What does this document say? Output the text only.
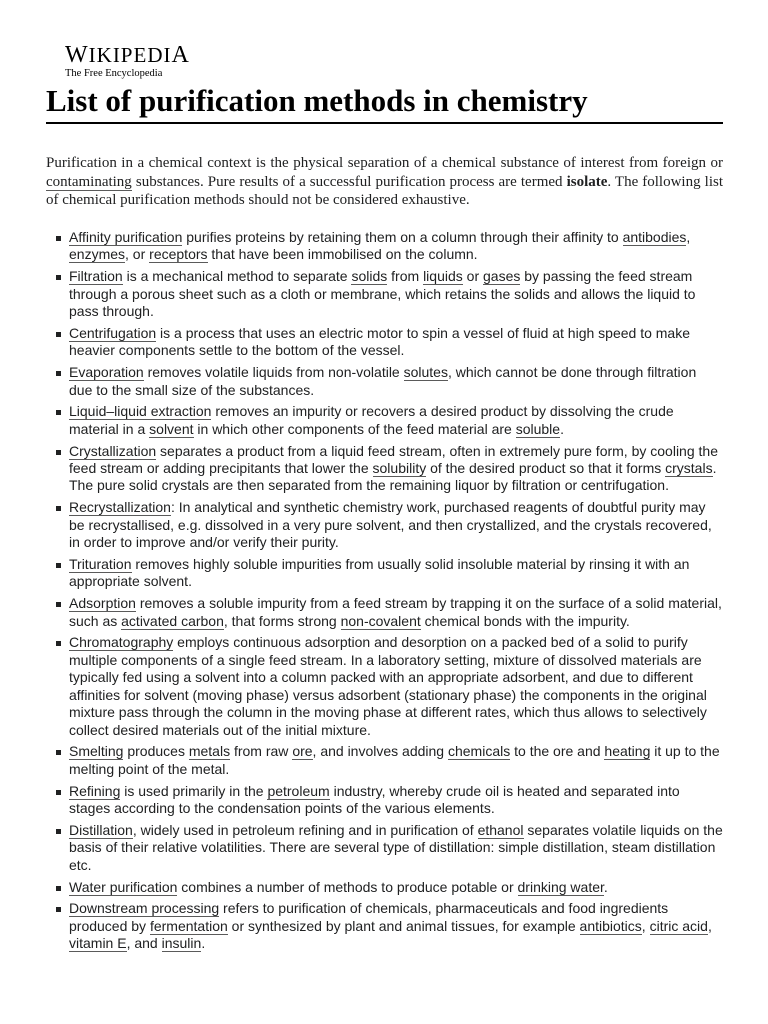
WIKIPEDIA
The Free Encyclopedia
List of purification methods in chemistry

Purification in a chemical context is the physical separation of a chemical substance of interest from foreign or contaminating substances. Pure results of a successful purification process are termed isolate. The following list of chemical purification methods should not be considered exhaustive.

Affinity purification purifies proteins by retaining them on a column through their affinity to antibodies, enzymes, or receptors that have been immobilised on the column.
Filtration is a mechanical method to separate solids from liquids or gases by passing the feed stream through a porous sheet such as a cloth or membrane, which retains the solids and allows the liquid to pass through.
Centrifugation is a process that uses an electric motor to spin a vessel of fluid at high speed to make heavier components settle to the bottom of the vessel.
Evaporation removes volatile liquids from non-volatile solutes, which cannot be done through filtration due to the small size of the substances.
Liquid–liquid extraction removes an impurity or recovers a desired product by dissolving the crude material in a solvent in which other components of the feed material are soluble.
Crystallization separates a product from a liquid feed stream, often in extremely pure form, by cooling the feed stream or adding precipitants that lower the solubility of the desired product so that it forms crystals. The pure solid crystals are then separated from the remaining liquor by filtration or centrifugation.
Recrystallization: In analytical and synthetic chemistry work, purchased reagents of doubtful purity may be recrystallised, e.g. dissolved in a very pure solvent, and then crystallized, and the crystals recovered, in order to improve and/or verify their purity.
Trituration removes highly soluble impurities from usually solid insoluble material by rinsing it with an appropriate solvent.
Adsorption removes a soluble impurity from a feed stream by trapping it on the surface of a solid material, such as activated carbon, that forms strong non-covalent chemical bonds with the impurity.
Chromatography employs continuous adsorption and desorption on a packed bed of a solid to purify multiple components of a single feed stream. In a laboratory setting, mixture of dissolved materials are typically fed using a solvent into a column packed with an appropriate adsorbent, and due to different affinities for solvent (moving phase) versus adsorbent (stationary phase) the components in the original mixture pass through the column in the moving phase at different rates, which thus allows to selectively collect desired materials out of the initial mixture.
Smelting produces metals from raw ore, and involves adding chemicals to the ore and heating it up to the melting point of the metal.
Refining is used primarily in the petroleum industry, whereby crude oil is heated and separated into stages according to the condensation points of the various elements.
Distillation, widely used in petroleum refining and in purification of ethanol separates volatile liquids on the basis of their relative volatilities. There are several type of distillation: simple distillation, steam distillation etc.
Water purification combines a number of methods to produce potable or drinking water.
Downstream processing refers to purification of chemicals, pharmaceuticals and food ingredients produced by fermentation or synthesized by plant and animal tissues, for example antibiotics, citric acid, vitamin E, and insulin.
